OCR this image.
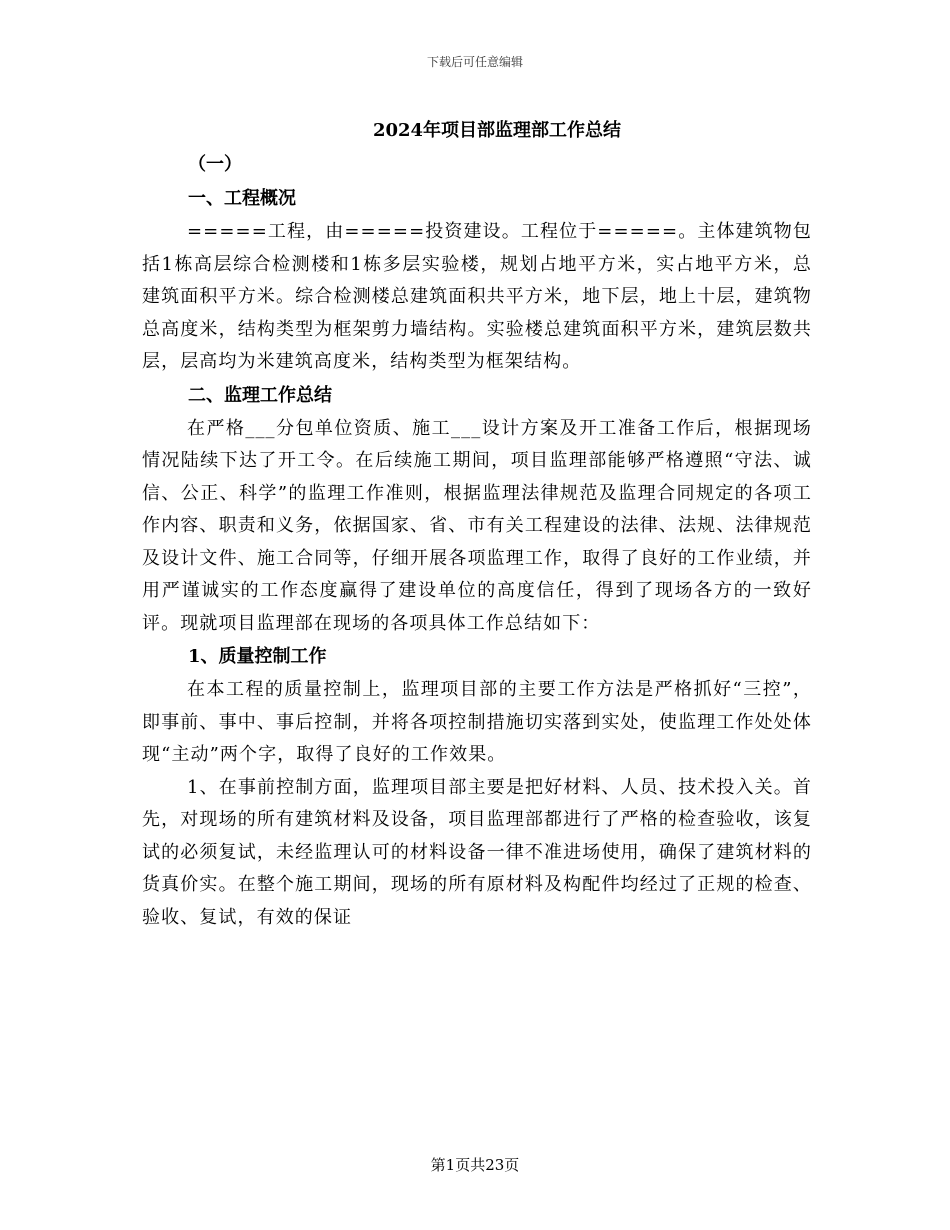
下载后可任意编辑
2024年项目部监理部工作总结
（一）
一、工程概况

=====工程，由=====投资建设。工程位于=====。主体建筑物包括1栋高层综合检测楼和1栋多层实验楼，规划占地平方米，实占地平方米，总建筑面积平方米。综合检测楼总建筑面积共平方米，地下层，地上十层，建筑物总高度米，结构类型为框架剪力墙结构。实验楼总建筑面积平方米，建筑层数共层，层高均为米建筑高度米，结构类型为框架结构。

二、监理工作总结

在严格___分包单位资质、施工___设计方案及开工准备工作后，根据现场情况陆续下达了开工令。在后续施工期间，项目监理部能够严格遵照“守法、诚信、公正、科学”的监理工作准则，根据监理法律规范及监理合同规定的各项工作内容、职责和义务，依据国家、省、市有关工程建设的法律、法规、法律规范及设计文件、施工合同等，仔细开展各项监理工作，取得了良好的工作业绩，并用严谨诚实的工作态度赢得了建设单位的高度信任，得到了现场各方的一致好评。现就项目监理部在现场的各项具体工作总结如下：

1、质量控制工作

在本工程的质量控制上，监理项目部的主要工作方法是严格抓好“三控”，即事前、事中、事后控制，并将各项控制措施切实落到实处，使监理工作处处体现“主动”两个字，取得了良好的工作效果。

1、在事前控制方面，监理项目部主要是把好材料、人员、技术投入关。首先，对现场的所有建筑材料及设备，项目监理部都进行了严格的检查验收，该复试的必须复试，未经监理认可的材料设备一律不准进场使用，确保了建筑材料的货真价实。在整个施工期间，现场的所有原材料及构配件均经过了正规的检查、验收、复试，有效的保证

第1页共23页
